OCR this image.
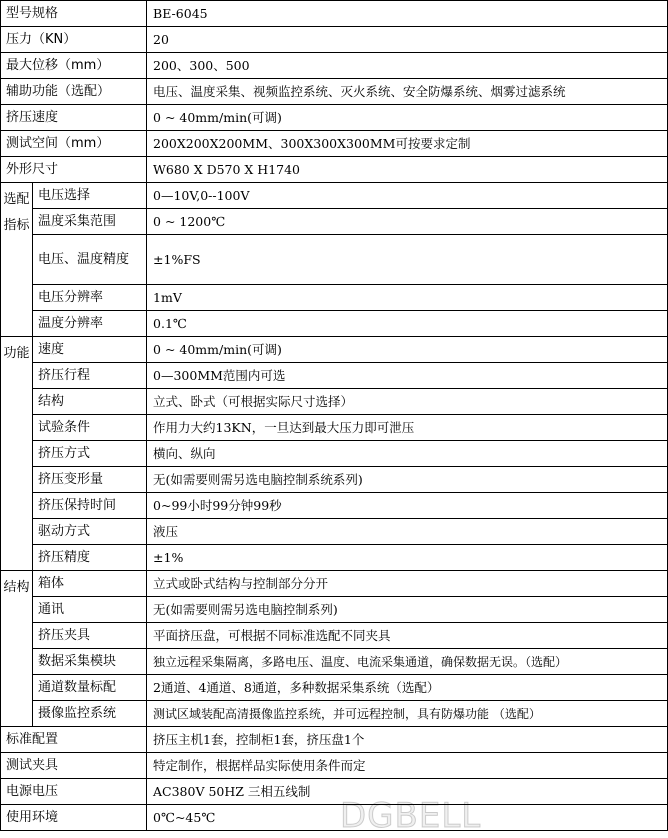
型号规格		BE-6045
压力（KN）		20
最大位移（mm）		200、300、500
辅助功能（选配）		电压、温度采集、视频监控系统、灭火系统、安全防爆系统、烟雾过滤系统
挤压速度		0 ~ 40mm/min(可调)
测试空间（mm）		200X200X200MM、300X300X300MM可按要求定制
外形尺寸		W680 X D570 X H1740
选配指标	电压选择	0—10V,0--100V
	温度采集范围	0 ~ 1200℃
	电压、温度精度	±1%FS
	电压分辨率	1mV
	温度分辨率	0.1℃
功能	速度	0 ~ 40mm/min(可调)
	挤压行程	0—300MM范围内可选
	结构	立式、卧式（可根据实际尺寸选择）
	试验条件	作用力大约13KN，一旦达到最大压力即可泄压
	挤压方式	横向、纵向
	挤压变形量	无(如需要则需另选电脑控制系统系列)
	挤压保持时间	0~99小时99分钟99秒
	驱动方式	液压
	挤压精度	±1%
结构	箱体	立式或卧式结构与控制部分分开
	通讯	无(如需要则需另选电脑控制系列)
	挤压夹具	平面挤压盘，可根据不同标准选配不同夹具
	数据采集模块	独立远程采集隔离，多路电压、温度、电流采集通道，确保数据无误。（选配）
	通道数量标配	2通道、4通道、8通道，多种数据采集系统（选配）
	摄像监控系统	测试区域装配高清摄像监控系统，并可远程控制，具有防爆功能 （选配）
标准配置		挤压主机1套，控制柜1套，挤压盘1个
测试夹具		特定制作，根据样品实际使用条件而定
电源电压		AC380V 50HZ 三相五线制
使用环境		0℃~45℃	DGBELL
